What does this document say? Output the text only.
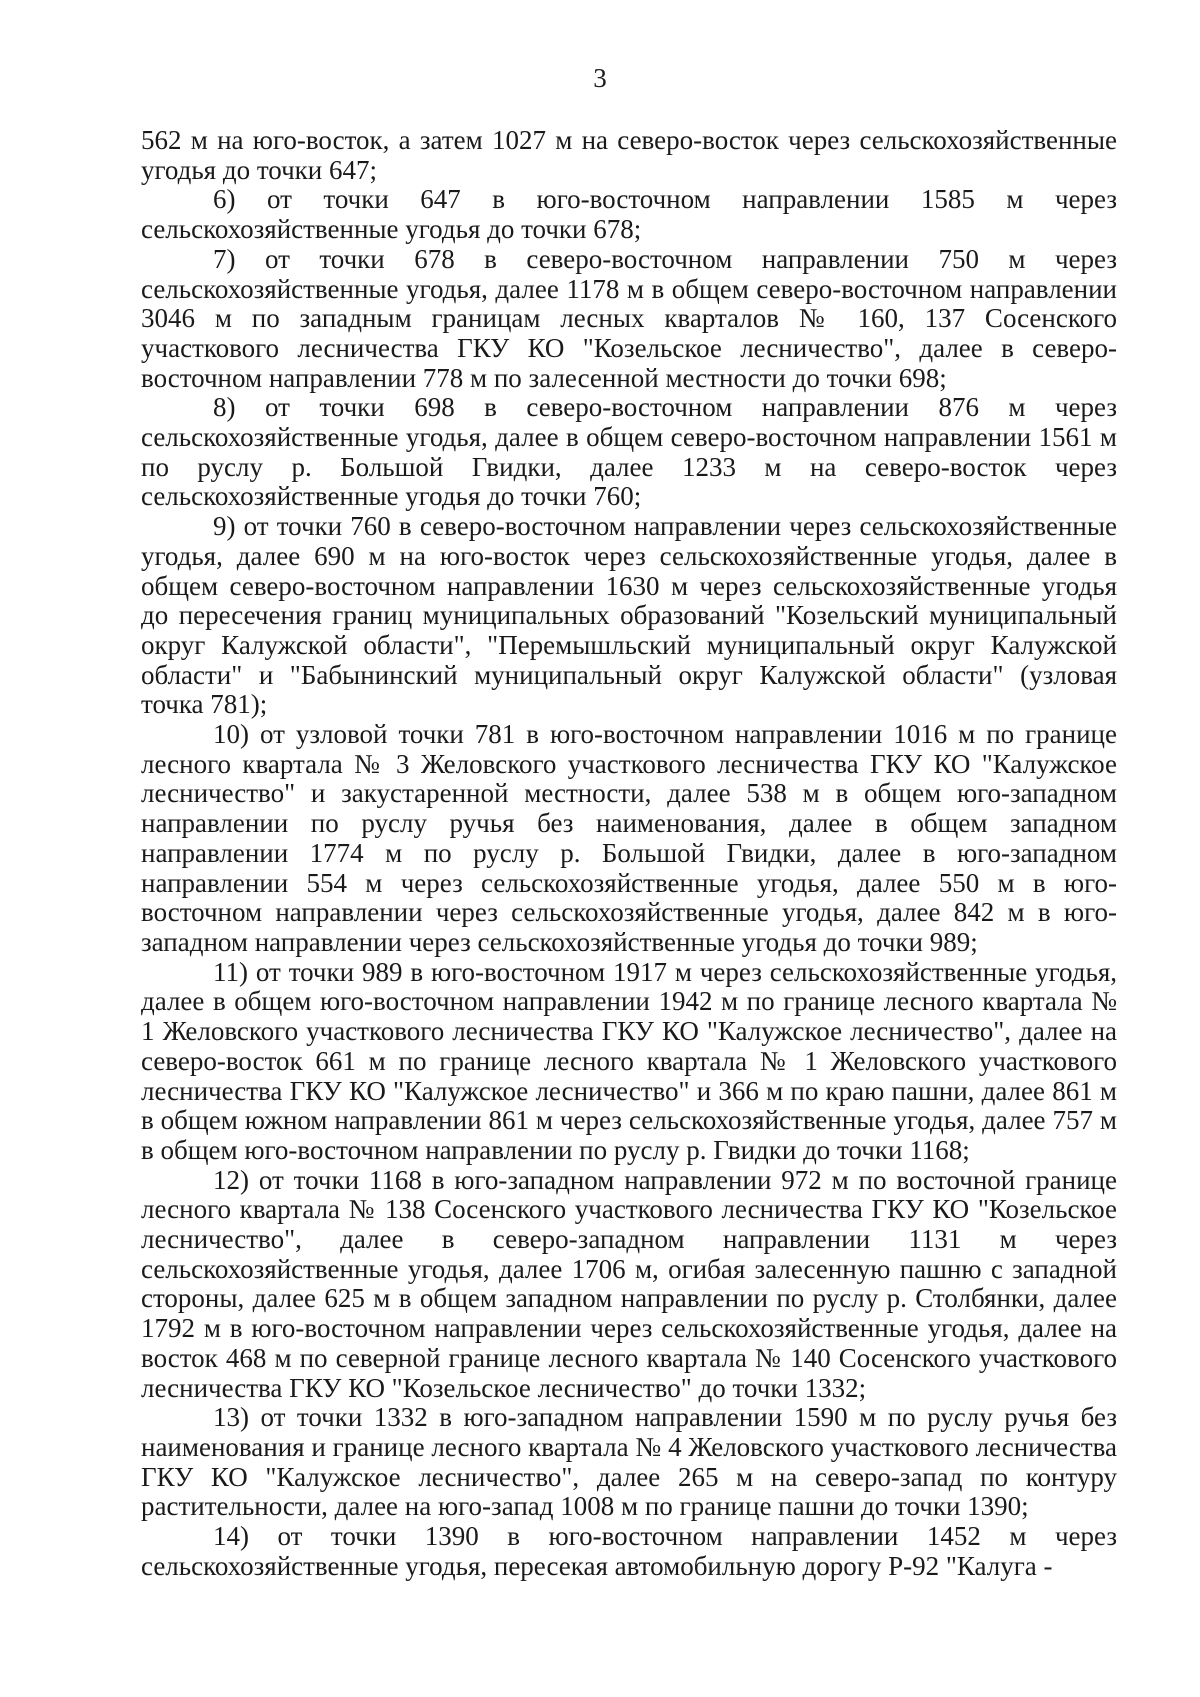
3

562 м на юго-восток, а затем 1027 м на северо-восток через сельскохозяйственные угодья до точки 647;

6) от точки 647 в юго-восточном направлении 1585 м через сельскохозяйственные угодья до точки 678;

7) от точки 678 в северо-восточном направлении 750 м через сельскохозяйственные угодья, далее 1178 м в общем северо-восточном направлении 3046 м по западным границам лесных кварталов № 160, 137 Сосенского участкового лесничества ГКУ КО "Козельское лесничество", далее в северо-восточном направлении 778 м по залесенной местности до точки 698;

8) от точки 698 в северо-восточном направлении 876 м через сельскохозяйственные угодья, далее в общем северо-восточном направлении 1561 м по руслу р. Большой Гвидки, далее 1233 м на северо-восток через сельскохозяйственные угодья до точки 760;

9) от точки 760 в северо-восточном направлении через сельскохозяйственные угодья, далее 690 м на юго-восток через сельскохозяйственные угодья, далее в общем северо-восточном направлении 1630 м через сельскохозяйственные угодья до пересечения границ муниципальных образований "Козельский муниципальный округ Калужской области", "Перемышльский муниципальный округ Калужской области" и "Бабынинский муниципальный округ Калужской области" (узловая точка 781);

10) от узловой точки 781 в юго-восточном направлении 1016 м по границе лесного квартала № 3 Желовского участкового лесничества ГКУ КО "Калужское лесничество" и закустаренной местности, далее 538 м в общем юго-западном направлении по руслу ручья без наименования, далее в общем западном направлении 1774 м по руслу р. Большой Гвидки, далее в юго-западном направлении 554 м через сельскохозяйственные угодья, далее 550 м в юго-восточном направлении через сельскохозяйственные угодья, далее 842 м в юго-западном направлении через сельскохозяйственные угодья до точки 989;

11) от точки 989 в юго-восточном 1917 м через сельскохозяйственные угодья, далее в общем юго-восточном направлении 1942 м по границе лесного квартала № 1 Желовского участкового лесничества ГКУ КО "Калужское лесничество", далее на северо-восток 661 м по границе лесного квартала № 1 Желовского участкового лесничества ГКУ КО "Калужское лесничество" и 366 м по краю пашни, далее 861 м в общем южном направлении 861 м через сельскохозяйственные угодья, далее 757 м в общем юго-восточном направлении по руслу р. Гвидки до точки 1168;

12) от точки 1168 в юго-западном направлении 972 м по восточной границе лесного квартала № 138 Сосенского участкового лесничества ГКУ КО "Козельское лесничество", далее в северо-западном направлении 1131 м через сельскохозяйственные угодья, далее 1706 м, огибая залесенную пашню с западной стороны, далее 625 м в общем западном направлении по руслу р. Столбянки, далее 1792 м в юго-восточном направлении через сельскохозяйственные угодья, далее на восток 468 м по северной границе лесного квартала № 140 Сосенского участкового лесничества ГКУ КО "Козельское лесничество" до точки 1332;

13) от точки 1332 в юго-западном направлении 1590 м по руслу ручья без наименования и границе лесного квартала № 4 Желовского участкового лесничества ГКУ КО "Калужское лесничество", далее 265 м на северо-запад по контуру растительности, далее на юго-запад 1008 м по границе пашни до точки 1390;

14) от точки 1390 в юго-восточном направлении 1452 м через сельскохозяйственные угодья, пересекая автомобильную дорогу Р-92 "Калуга -
